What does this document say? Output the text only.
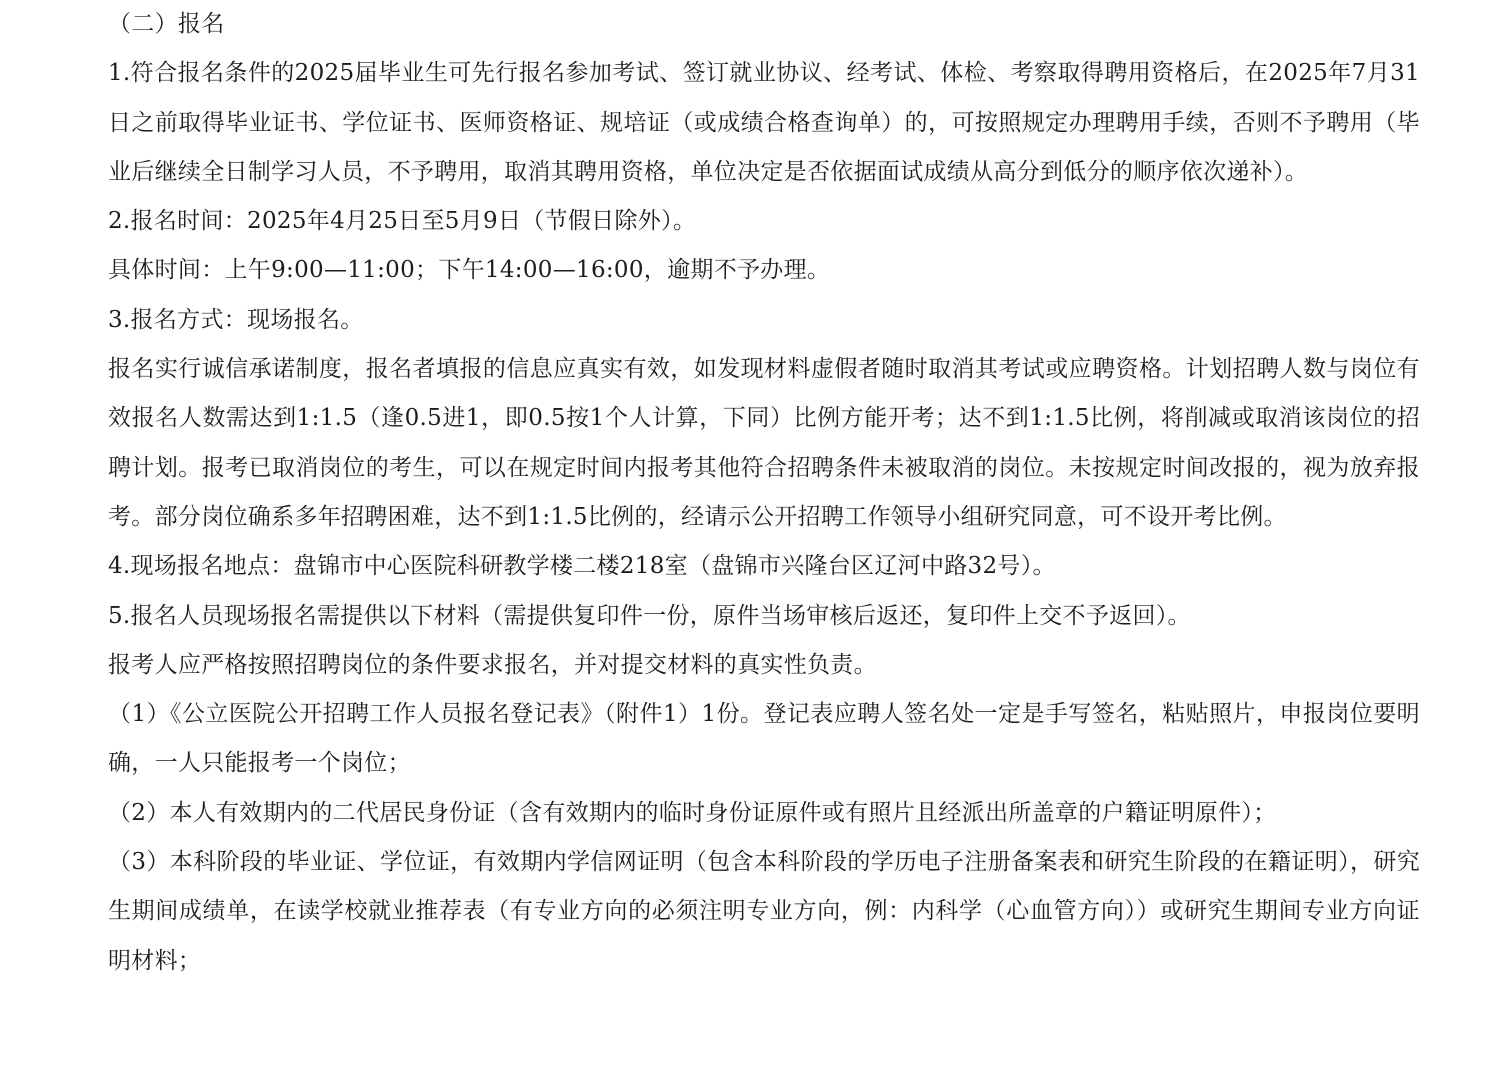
（二）报名

1.符合报名条件的2025届毕业生可先行报名参加考试、签订就业协议、经考试、体检、考察取得聘用资格后，在2025年7月31日之前取得毕业证书、学位证书、医师资格证、规培证（或成绩合格查询单）的，可按照规定办理聘用手续，否则不予聘用（毕业后继续全日制学习人员，不予聘用，取消其聘用资格，单位决定是否依据面试成绩从高分到低分的顺序依次递补）。

2.报名时间：2025年4月25日至5月9日（节假日除外）。

具体时间：上午9:00—11:00；下午14:00—16:00，逾期不予办理。

3.报名方式：现场报名。

报名实行诚信承诺制度，报名者填报的信息应真实有效，如发现材料虚假者随时取消其考试或应聘资格。计划招聘人数与岗位有效报名人数需达到1:1.5（逢0.5进1，即0.5按1个人计算，下同）比例方能开考；达不到1:1.5比例，将削减或取消该岗位的招聘计划。报考已取消岗位的考生，可以在规定时间内报考其他符合招聘条件未被取消的岗位。未按规定时间改报的，视为放弃报考。部分岗位确系多年招聘困难，达不到1:1.5比例的，经请示公开招聘工作领导小组研究同意，可不设开考比例。

4.现场报名地点：盘锦市中心医院科研教学楼二楼218室（盘锦市兴隆台区辽河中路32号）。

5.报名人员现场报名需提供以下材料（需提供复印件一份，原件当场审核后返还，复印件上交不予返回）。

报考人应严格按照招聘岗位的条件要求报名，并对提交材料的真实性负责。

（1）《公立医院公开招聘工作人员报名登记表》（附件1）1份。登记表应聘人签名处一定是手写签名，粘贴照片，申报岗位要明确，一人只能报考一个岗位；

（2）本人有效期内的二代居民身份证（含有效期内的临时身份证原件或有照片且经派出所盖章的户籍证明原件）；

（3）本科阶段的毕业证、学位证，有效期内学信网证明（包含本科阶段的学历电子注册备案表和研究生阶段的在籍证明），研究生期间成绩单，在读学校就业推荐表（有专业方向的必须注明专业方向，例：内科学（心血管方向））或研究生期间专业方向证明材料；
